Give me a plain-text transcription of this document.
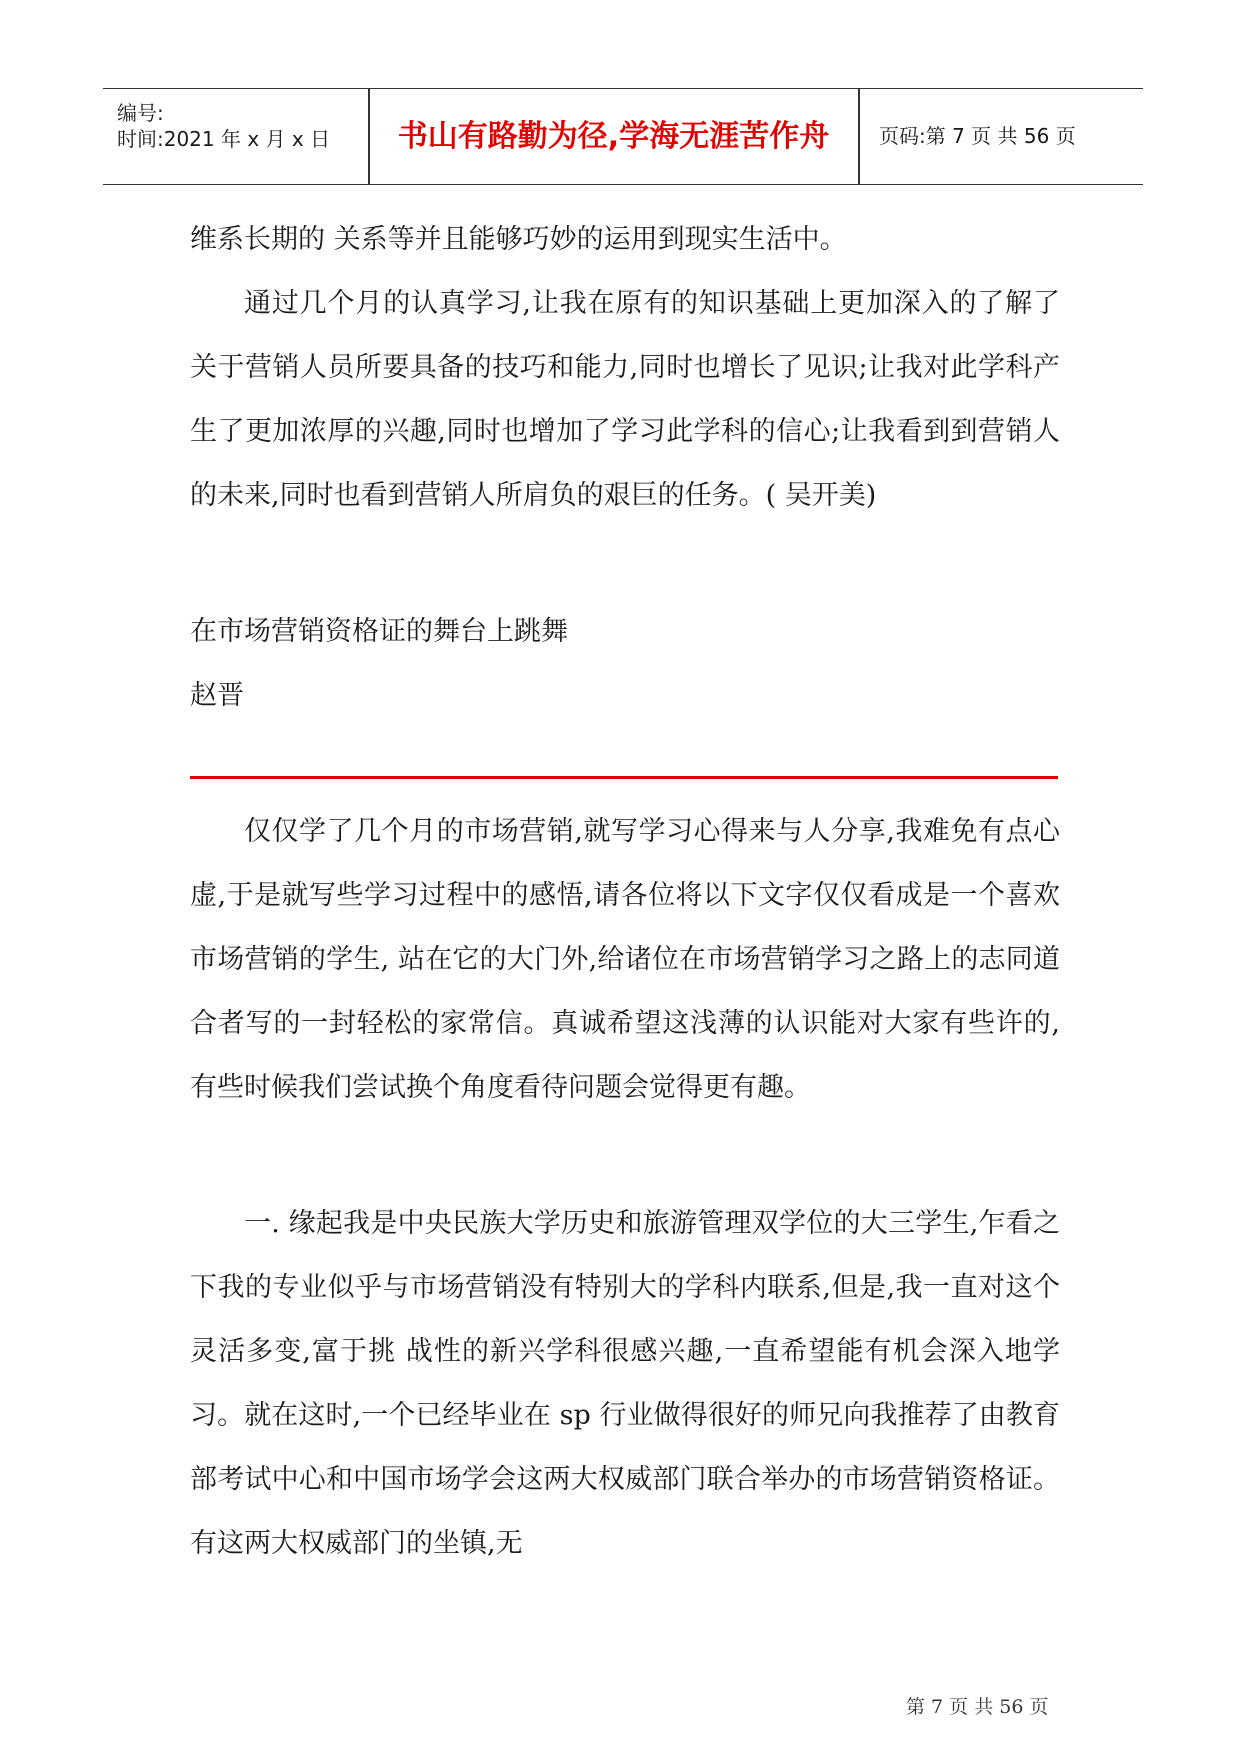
编号:
时间:2021 年 x 月 x 日	书山有路勤为径,学海无涯苦作舟	页码:第 7 页 共 56 页

维系长期的 关系等并且能够巧妙的运用到现实生活中。

通过几个月的认真学习,让我在原有的知识基础上更加深入的了解了关于营销人员所要具备的技巧和能力,同时也增长了见识;让我对此学科产生了更加浓厚的兴趣,同时也增加了学习此学科的信心;让我看到到营销人的未来,同时也看到营销人所肩负的艰巨的任务。( 吴开美)

在市场营销资格证的舞台上跳舞

赵晋

仅仅学了几个月的市场营销,就写学习心得来与人分享,我难免有点心虚,于是就写些学习过程中的感悟,请各位将以下文字仅仅看成是一个喜欢市场营销的学生, 站在它的大门外,给诸位在市场营销学习之路上的志同道合者写的一封轻松的家常信。真诚希望这浅薄的认识能对大家有些许的,有些时候我们尝试换个角度看待问题会觉得更有趣。

一. 缘起我是中央民族大学历史和旅游管理双学位的大三学生,乍看之下我的专业似乎与市场营销没有特别大的学科内联系,但是,我一直对这个灵活多变,富于挑 战性的新兴学科很感兴趣,一直希望能有机会深入地学习。就在这时,一个已经毕业在 sp 行业做得很好的师兄向我推荐了由教育部考试中心和中国市场学会这两大权威部门联合举办的市场营销资格证。有这两大权威部门的坐镇,无

第 7 页 共 56 页
